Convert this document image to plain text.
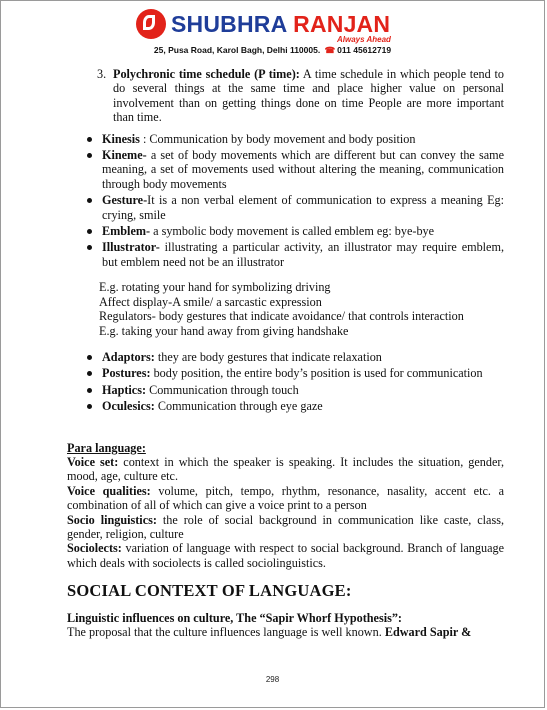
SHUBHRA RANJAN
Always Ahead
25, Pusa Road, Karol Bagh, Delhi 110005. ☎ 011 45612719
3. Polychronic time schedule (P time): A time schedule in which people tend to do several things at the same time and place higher value on personal involvement than on getting things done on time People are more important than time.
Kinesis : Communication by body movement and body position
Kineme- a set of body movements which are different but can convey the same meaning, a set of movements used without altering the meaning, communication through body movements
Gesture-It is a non verbal element of communication to express a meaning Eg: crying, smile
Emblem- a symbolic body movement is called emblem eg: bye-bye
Illustrator- illustrating a particular activity, an illustrator may require emblem, but emblem need not be an illustrator
E.g. rotating your hand for symbolizing driving
Affect display-A smile/ a sarcastic expression
Regulators- body gestures that indicate avoidance/ that controls interaction
E.g. taking your hand away from giving handshake
Adaptors: they are body gestures that indicate relaxation
Postures: body position, the entire body’s position is used for communication
Haptics: Communication through touch
Oculesics: Communication through eye gaze
Para language:

Voice set: context in which the speaker is speaking. It includes the situation, gender, mood, age, culture etc.

Voice qualities: volume, pitch, tempo, rhythm, resonance, nasality, accent etc. a combination of all of which can give a voice print to a person

Socio linguistics: the role of social background in communication like caste, class, gender, religion, culture

Sociolects: variation of language with respect to social background. Branch of language which deals with sociolects is called sociolinguistics.

SOCIAL CONTEXT OF LANGUAGE:
Linguistic influences on culture, The “Sapir Whorf Hypothesis”:

The proposal that the culture influences language is well known. Edward Sapir &

298
